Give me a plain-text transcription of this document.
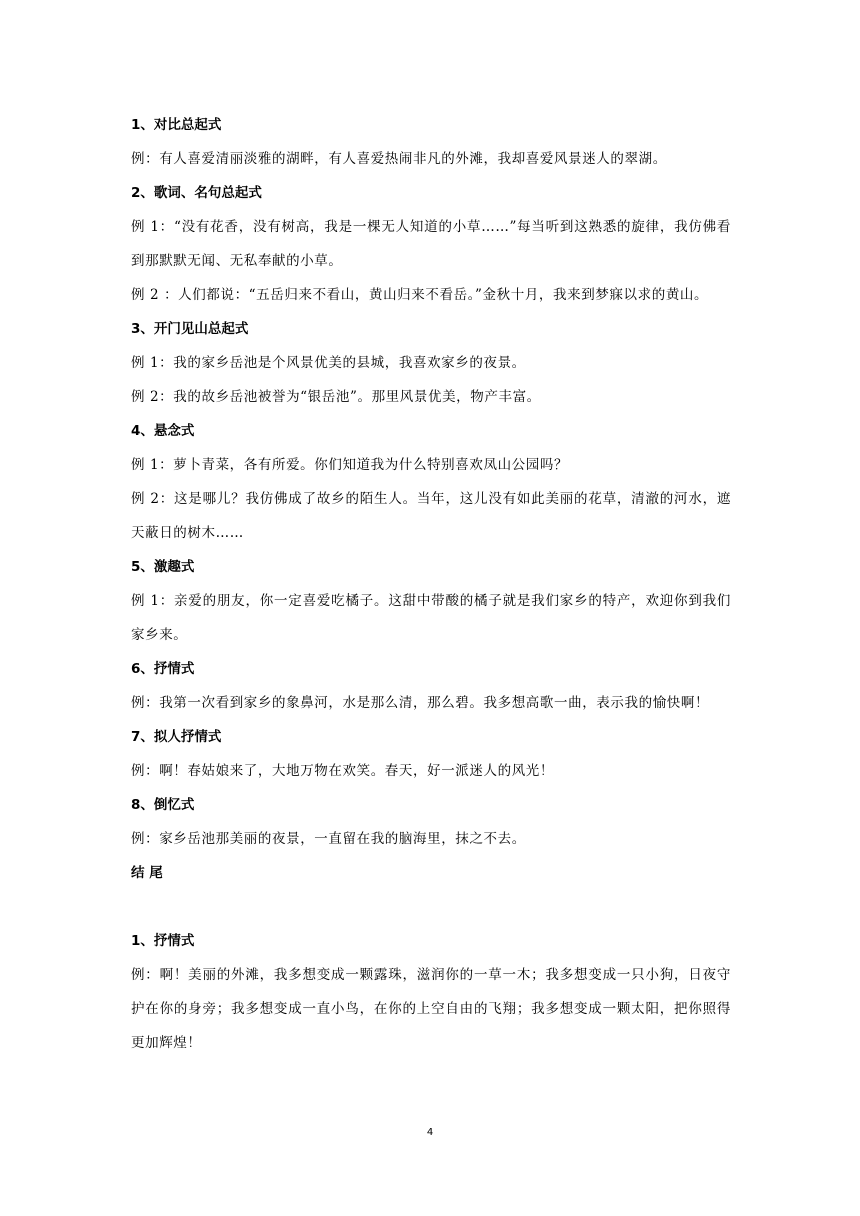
1、对比总起式
例：有人喜爱清丽淡雅的湖畔，有人喜爱热闹非凡的外滩，我却喜爱风景迷人的翠湖。
2、歌词、名句总起式
例 1：“没有花香，没有树高，我是一棵无人知道的小草……”每当听到这熟悉的旋律，我仿佛看到那默默无闻、无私奉献的小草。
例 2 ：人们都说：“五岳归来不看山，黄山归来不看岳。”金秋十月，我来到梦寐以求的黄山。
3、开门见山总起式
例 1：我的家乡岳池是个风景优美的县城，我喜欢家乡的夜景。
例 2：我的故乡岳池被誉为“银岳池”。那里风景优美，物产丰富。
4、悬念式
例 1：萝卜青菜，各有所爱。你们知道我为什么特别喜欢凤山公园吗？
例 2：这是哪儿？我仿佛成了故乡的陌生人。当年，这儿没有如此美丽的花草，清澈的河水，遮天蔽日的树木……
5、激趣式
例 1：亲爱的朋友，你一定喜爱吃橘子。这甜中带酸的橘子就是我们家乡的特产，欢迎你到我们家乡来。
6、抒情式
例：我第一次看到家乡的象鼻河，水是那么清，那么碧。我多想高歌一曲，表示我的愉快啊！
7、拟人抒情式
例：啊！春姑娘来了，大地万物在欢笑。春天，好一派迷人的风光！
8、倒忆式
例：家乡岳池那美丽的夜景，一直留在我的脑海里，抹之不去。
结 尾
1、抒情式
例：啊！美丽的外滩，我多想变成一颗露珠，滋润你的一草一木；我多想变成一只小狗，日夜守护在你的身旁；我多想变成一直小鸟，在你的上空自由的飞翔；我多想变成一颗太阳，把你照得更加辉煌！
4
